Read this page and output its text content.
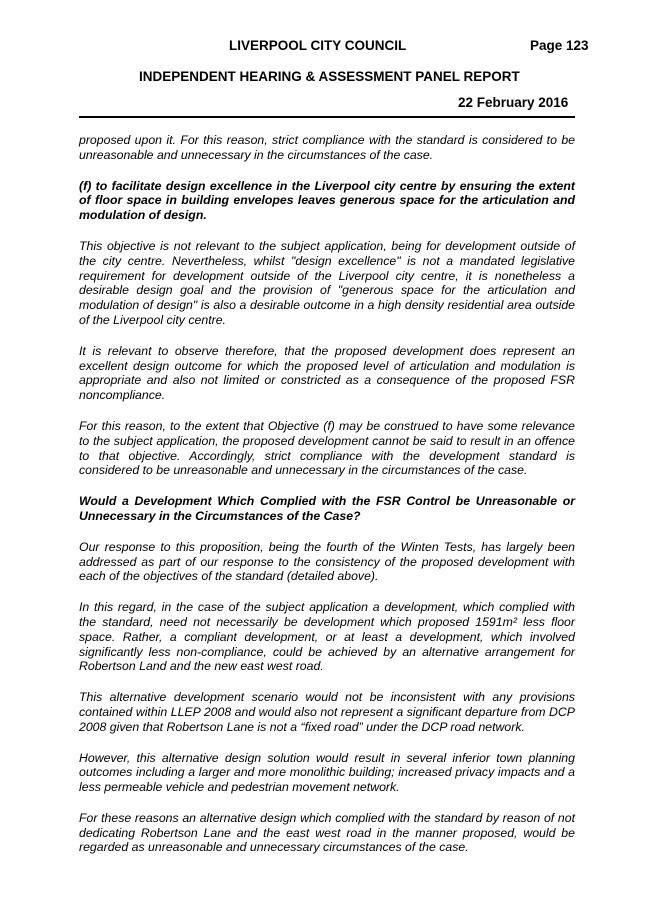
LIVERPOOL CITY COUNCIL	Page 123
INDEPENDENT HEARING & ASSESSMENT PANEL REPORT
22 February 2016

proposed upon it. For this reason, strict compliance with the standard is considered to be unreasonable and unnecessary in the circumstances of the case.

(f) to facilitate design excellence in the Liverpool city centre by ensuring the extent of floor space in building envelopes leaves generous space for the articulation and modulation of design.

This objective is not relevant to the subject application, being for development outside of the city centre. Nevertheless, whilst "design excellence" is not a mandated legislative requirement for development outside of the Liverpool city centre, it is nonetheless a desirable design goal and the provision of "generous space for the articulation and modulation of design" is also a desirable outcome in a high density residential area outside of the Liverpool city centre.

It is relevant to observe therefore, that the proposed development does represent an excellent design outcome for which the proposed level of articulation and modulation is appropriate and also not limited or constricted as a consequence of the proposed FSR noncompliance.

For this reason, to the extent that Objective (f) may be construed to have some relevance to the subject application, the proposed development cannot be said to result in an offence to that objective. Accordingly, strict compliance with the development standard is considered to be unreasonable and unnecessary in the circumstances of the case.

Would a Development Which Complied with the FSR Control be Unreasonable or Unnecessary in the Circumstances of the Case?

Our response to this proposition, being the fourth of the Winten Tests, has largely been addressed as part of our response to the consistency of the proposed development with each of the objectives of the standard (detailed above).

In this regard, in the case of the subject application a development, which complied with the standard, need not necessarily be development which proposed 1591m² less floor space. Rather, a compliant development, or at least a development, which involved significantly less non-compliance, could be achieved by an alternative arrangement for Robertson Land and the new east west road.

This alternative development scenario would not be inconsistent with any provisions contained within LLEP 2008 and would also not represent a significant departure from DCP 2008 given that Robertson Lane is not a “fixed road” under the DCP road network.

However, this alternative design solution would result in several inferior town planning outcomes including a larger and more monolithic building; increased privacy impacts and a less permeable vehicle and pedestrian movement network.

For these reasons an alternative design which complied with the standard by reason of not dedicating Robertson Lane and the east west road in the manner proposed, would be regarded as unreasonable and unnecessary circumstances of the case.
